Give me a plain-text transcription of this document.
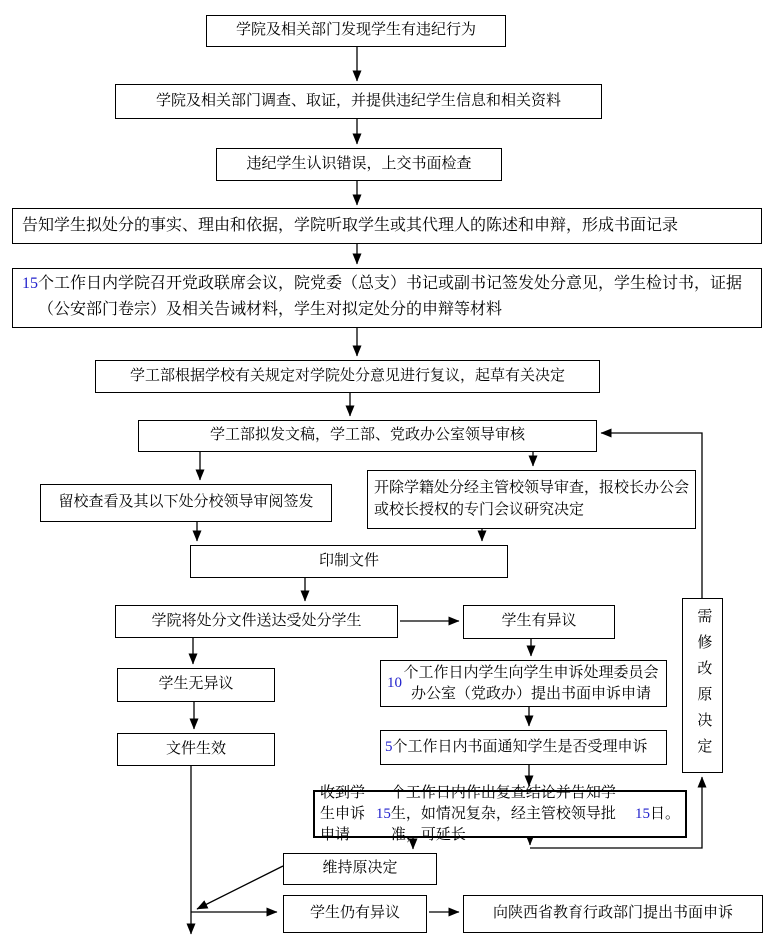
学院及相关部门发现学生有违纪行为
学院及相关部门调查、取证，并提供违纪学生信息和相关资料
违纪学生认识错误，上交书面检查
告知学生拟处分的事实、理由和依据，学院听取学生或其代理人的陈述和申辩，形成书面记录
15 个工作日内学院召开党政联席会议，院党委（总支）书记或副书记签发处分意见，学生检讨书，证据（公安部门卷宗）及相关告诫材料，学生对拟定处分的申辩等材料
学工部根据学校有关规定对学院处分意见进行复议，起草有关决定
学工部拟发文稿，学工部、党政办公室领导审核
留校查看及其以下处分校领导审阅签发
开除学籍处分经主管校领导审查，报校长办公会或校长授权的专门会议研究决定
印制文件
学院将处分文件送达受处分学生	学生有异议
学生无异议	10
个工作日内学生向学生申诉处理委员会办公室（党政办）提出书面申诉申请
文件生效	5 个工作日内书面通知学生是否受理申诉
收到学生申诉申请
15
个工作日内作出复查结论并告知学生，如情况复杂，经主管校领导批准，可延长
15 日。
维持原决定
学生仍有异议	向陕西省教育行政部门提出书面申诉
需修改原决定
